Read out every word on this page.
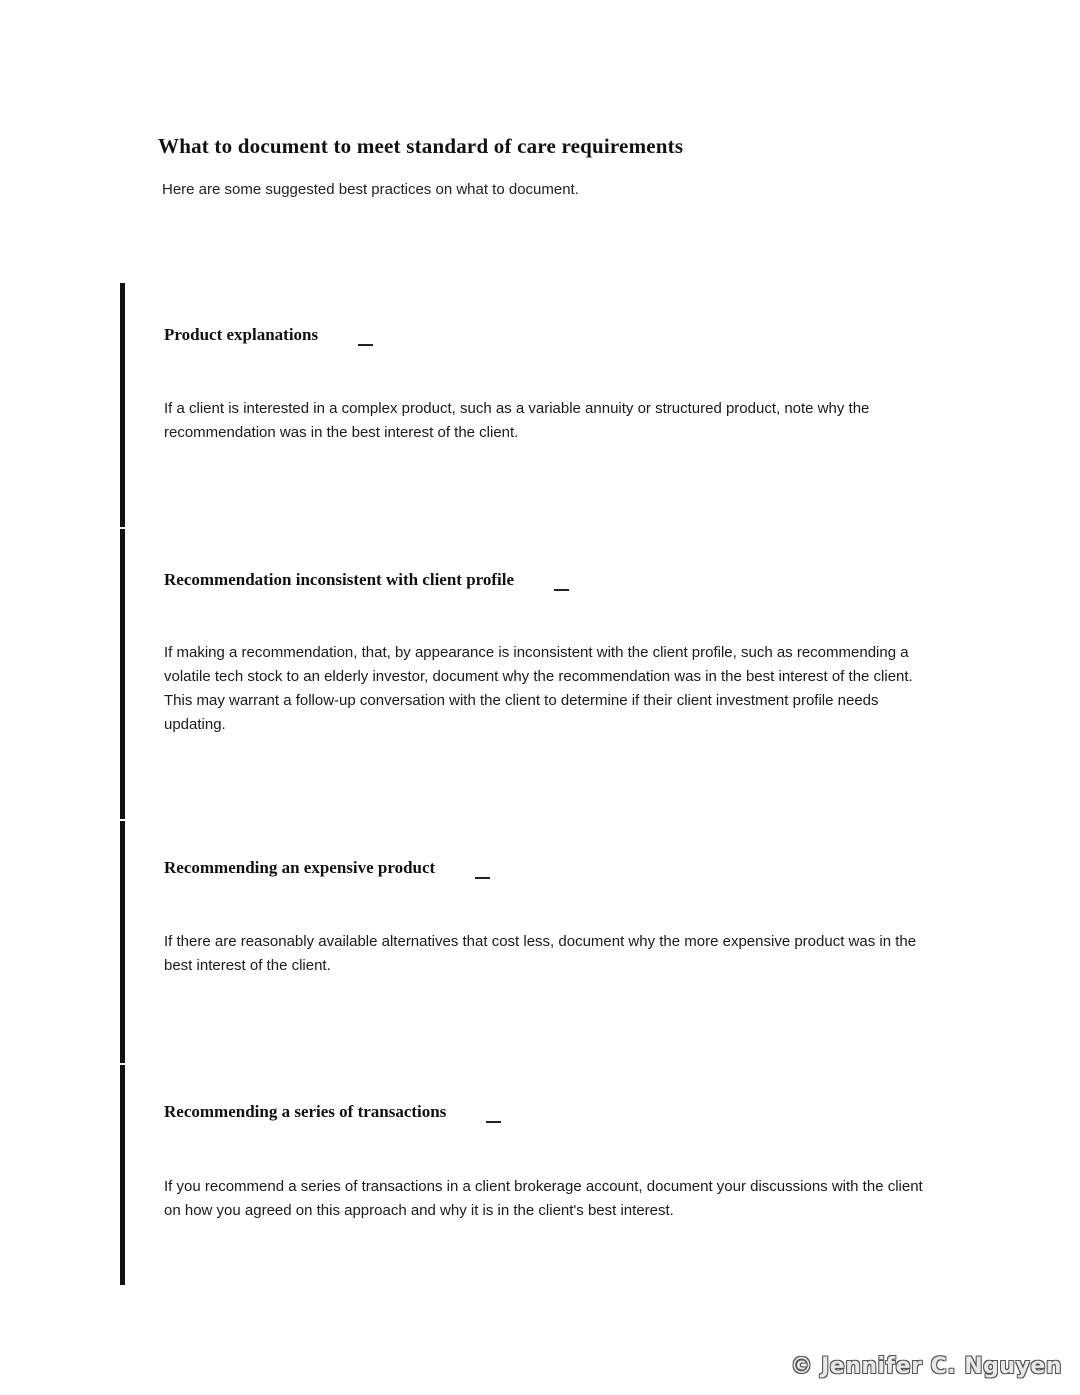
What to document to meet standard of care requirements

Here are some suggested best practices on what to document.

Product explanations

If a client is interested in a complex product, such as a variable annuity or structured product, note why the recommendation was in the best interest of the client.

Recommendation inconsistent with client profile

If making a recommendation, that, by appearance is inconsistent with the client profile, such as recommending a volatile tech stock to an elderly investor, document why the recommendation was in the best interest of the client. This may warrant a follow-up conversation with the client to determine if their client investment profile needs updating.

Recommending an expensive product

If there are reasonably available alternatives that cost less, document why the more expensive product was in the best interest of the client.

Recommending a series of transactions

If you recommend a series of transactions in a client brokerage account, document your discussions with the client on how you agreed on this approach and why it is in the client's best interest.

© Jennifer C. Nguyen
